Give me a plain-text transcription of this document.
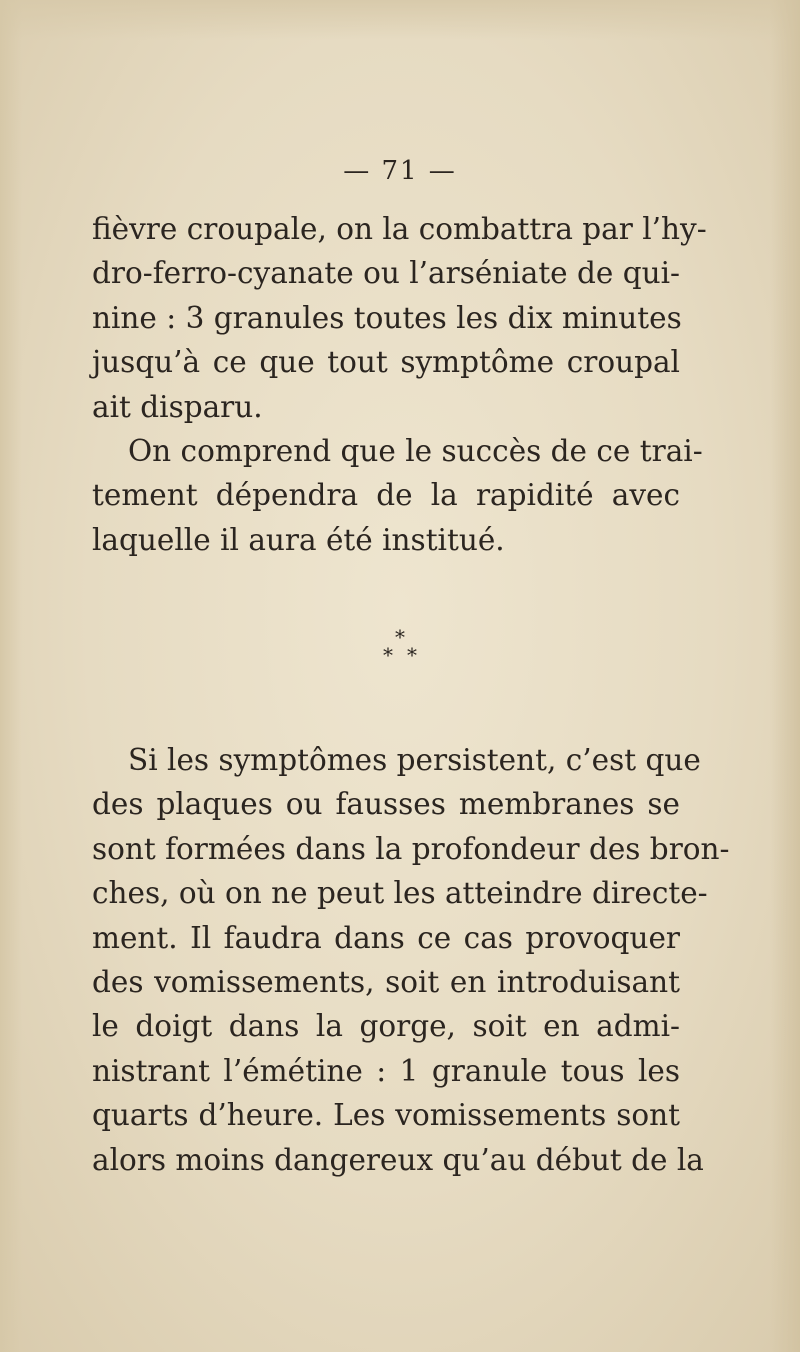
— 71 —
fièvre croupale, on la combattra par l’hy-
dro-ferro-cyanate ou l’arséniate de qui-
nine : 3 granules toutes les dix minutes
jusqu’à ce que tout symptôme croupal
ait disparu.
On comprend que le succès de ce trai-
tement dépendra de la rapidité avec
laquelle il aura été institué.
*
* *
Si les symptômes persistent, c’est que
des plaques ou fausses membranes se
sont formées dans la profondeur des bron-
ches, où on ne peut les atteindre directe-
ment. Il faudra dans ce cas provoquer
des vomissements, soit en introduisant
le doigt dans la gorge, soit en admi-
nistrant l’émétine : 1 granule tous les
quarts d’heure. Les vomissements sont
alors moins dangereux qu’au début de la
